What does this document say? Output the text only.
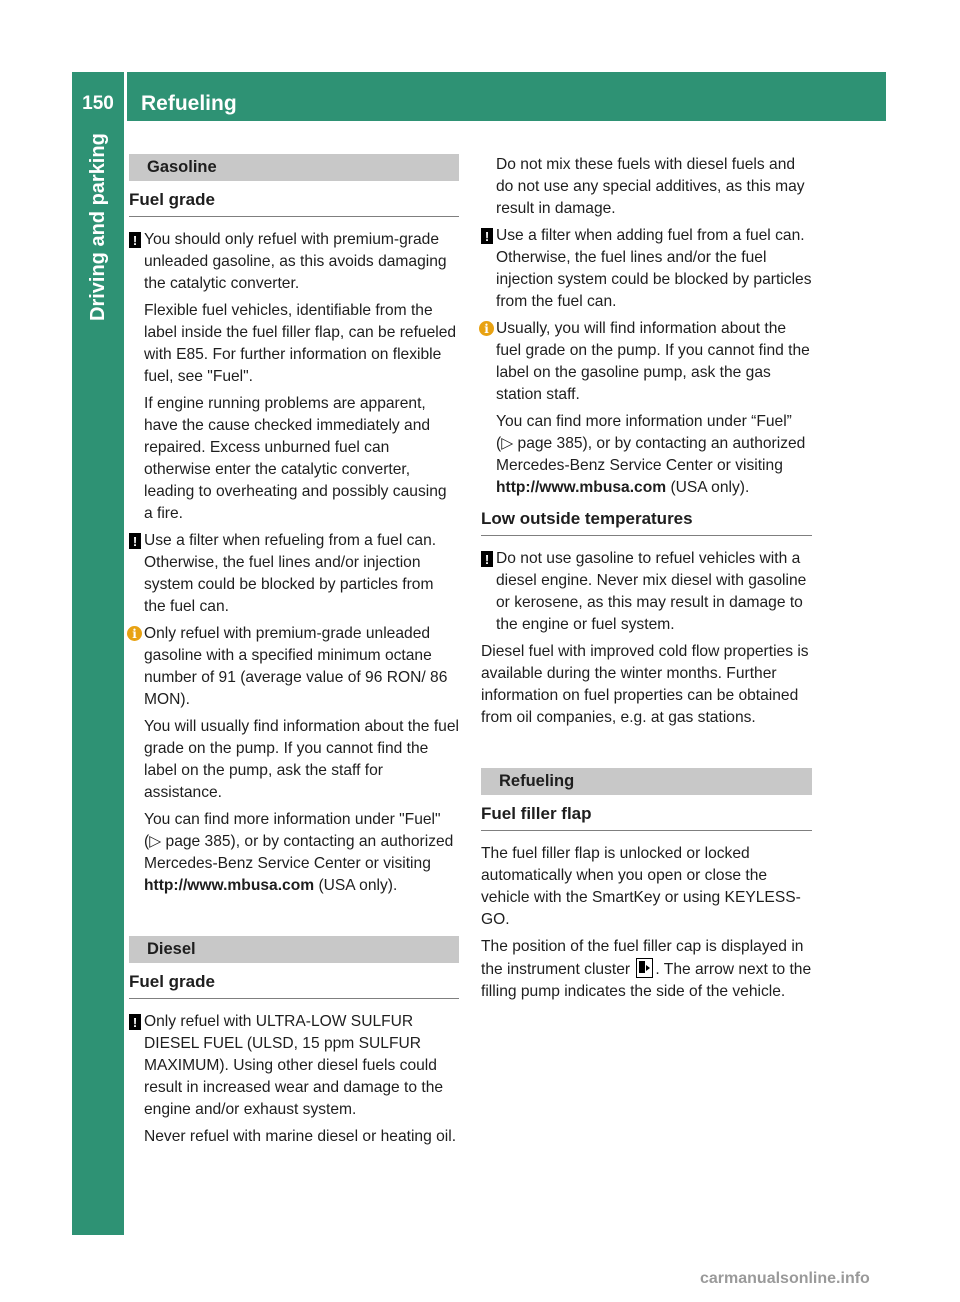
150	Refueling
Driving and parking	Gasoline
Fuel grade
! You should only refuel with premium-grade unleaded gasoline, as this avoids damaging the catalytic converter.

Flexible fuel vehicles, identifiable from the label inside the fuel filler flap, can be refueled with E85. For further information on flexible fuel, see "Fuel".

If engine running problems are apparent, have the cause checked immediately and repaired. Excess unburned fuel can otherwise enter the catalytic converter, leading to overheating and possibly causing a fire.

! Use a filter when refueling from a fuel can. Otherwise, the fuel lines and/or injection system could be blocked by particles from the fuel can.

i Only refuel with premium-grade unleaded gasoline with a specified minimum octane number of 91 (average value of 96 RON/ 86 MON).

You will usually find information about the fuel grade on the pump. If you cannot find the label on the pump, ask the staff for assistance.

You can find more information under "Fuel" (▷ page 385), or by contacting an authorized Mercedes-Benz Service Center or visiting http://www.mbusa.com (USA only).

Diesel
Fuel grade
! Only refuel with ULTRA-LOW SULFUR DIESEL FUEL (ULSD, 15 ppm SULFUR MAXIMUM). Using other diesel fuels could result in increased wear and damage to the engine and/or exhaust system.

Never refuel with marine diesel or heating oil.

Do not mix these fuels with diesel fuels and do not use any special additives, as this may result in damage.

! Use a filter when adding fuel from a fuel can. Otherwise, the fuel lines and/or the fuel injection system could be blocked by particles from the fuel can.

i Usually, you will find information about the fuel grade on the pump. If you cannot find the label on the gasoline pump, ask the gas station staff.

You can find more information under “Fuel” (▷ page 385), or by contacting an authorized Mercedes-Benz Service Center or visiting http://www.mbusa.com (USA only).

Low outside temperatures
! Do not use gasoline to refuel vehicles with a diesel engine. Never mix diesel with gasoline or kerosene, as this may result in damage to the engine or fuel system.

Diesel fuel with improved cold flow properties is available during the winter months. Further information on fuel properties can be obtained from oil companies, e.g. at gas stations.

Refueling
Fuel filler flap

The fuel filler flap is unlocked or locked automatically when you open or close the vehicle with the SmartKey or using KEYLESS-GO.

The position of the fuel filler cap is displayed in the instrument cluster . The arrow next to the filling pump indicates the side of the vehicle.

carmanualsonline.info
